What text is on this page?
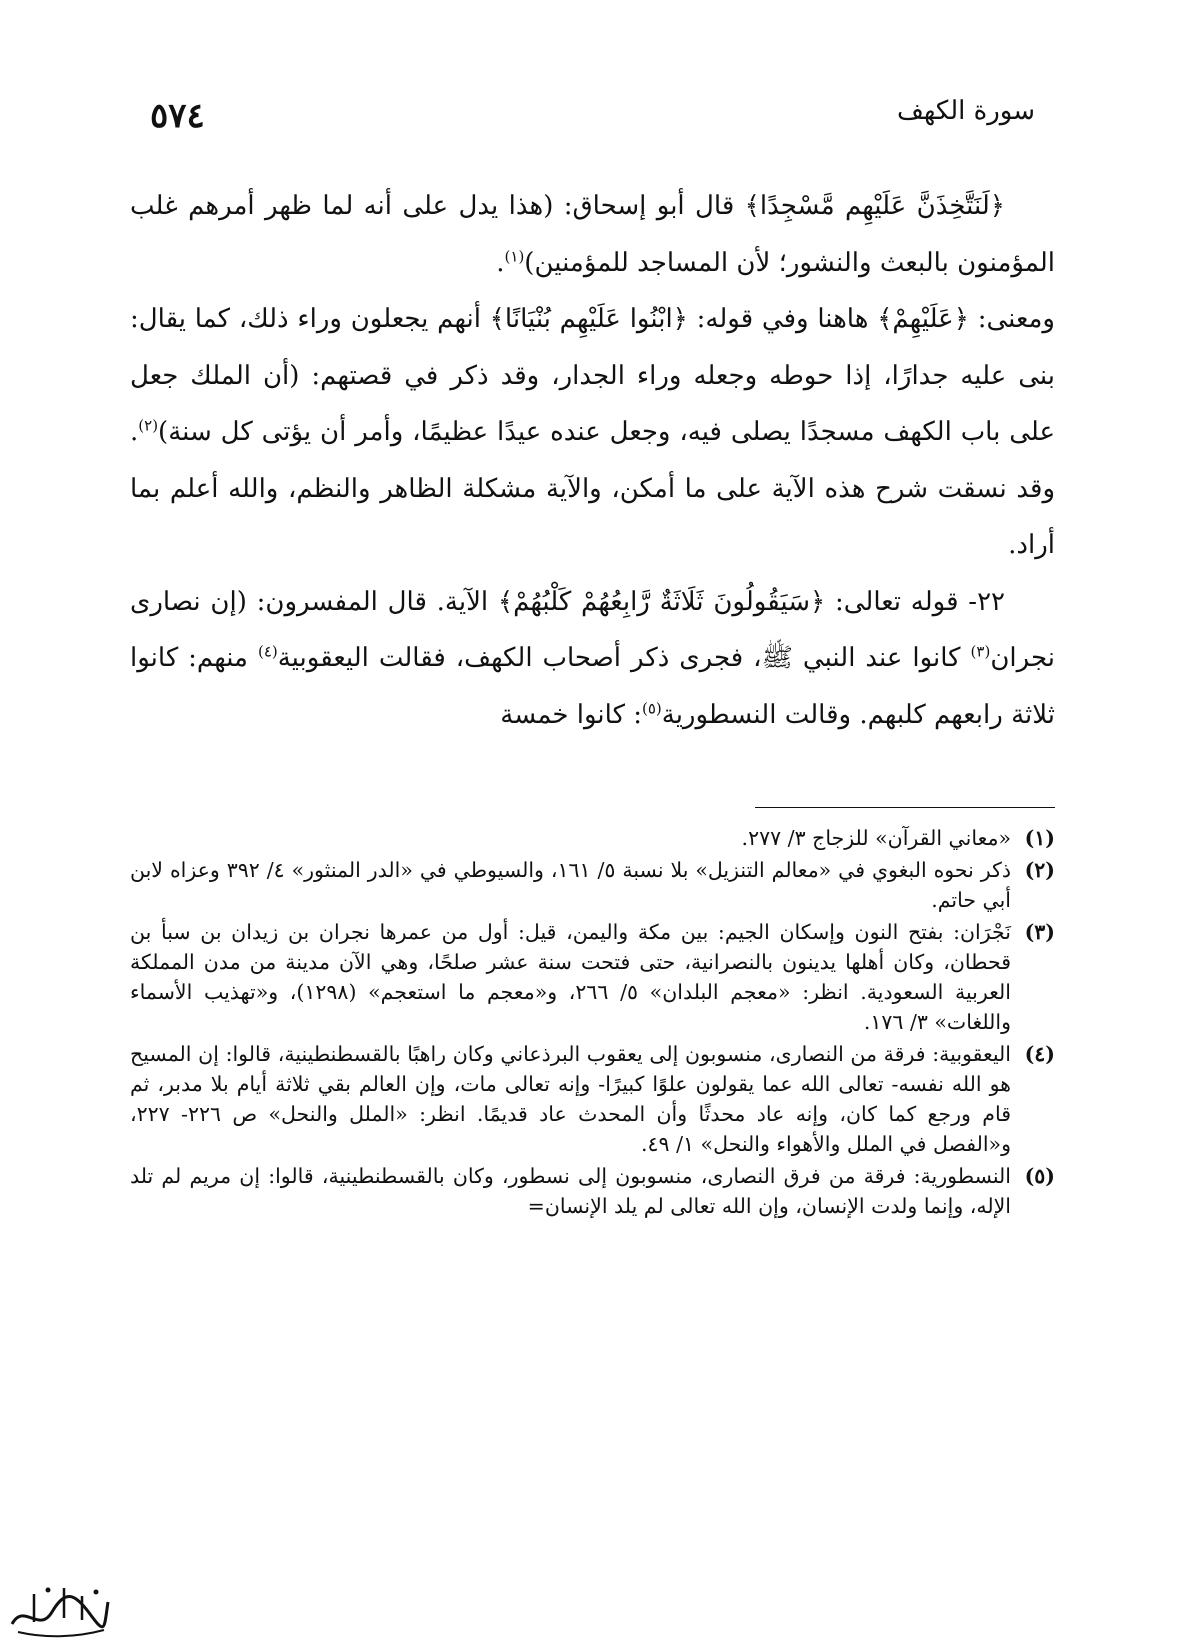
٥٧٤	سورة الكهف

﴿لَنَتَّخِذَنَّ عَلَيْهِم مَّسْجِدًا﴾ قال أبو إسحاق: (هذا يدل على أنه لما ظهر أمرهم غلب المؤمنون بالبعث والنشور؛ لأن المساجد للمؤمنين)$^{(١)}$.

ومعنى: ﴿عَلَيْهِمْ﴾ هاهنا وفي قوله: ﴿ابْنُوا عَلَيْهِم بُنْيَانًا﴾ أنهم يجعلون وراء ذلك، كما يقال: بنى عليه جدارًا، إذا حوطه وجعله وراء الجدار، وقد ذكر في قصتهم: (أن الملك جعل على باب الكهف مسجدًا يصلى فيه، وجعل عنده عيدًا عظيمًا، وأمر أن يؤتى كل سنة)$^{(٢)}$. وقد نسقت شرح هذه الآية على ما أمكن، والآية مشكلة الظاهر والنظم، والله أعلم بما أراد.

٢٢- قوله تعالى: ﴿سَيَقُولُونَ ثَلَاثَةٌ رَّابِعُهُمْ كَلْبُهُمْ﴾ الآية. قال المفسرون: (إن نصارى نجران$^{(٣)}$ كانوا عند النبي ﷺ، فجرى ذكر أصحاب الكهف، فقالت اليعقوبية$^{(٤)}$ منهم: كانوا ثلاثة رابعهم كلبهم. وقالت النسطورية$^{(٥)}$: كانوا خمسة

(١)
«معاني القرآن» للزجاج ٣/ ٢٧٧.
(٢)
ذكر نحوه البغوي في «معالم التنزيل» بلا نسبة ٥/ ١٦١، والسيوطي في «الدر المنثور» ٤/ ٣٩٢ وعزاه لابن أبي حاتم.
(٣)
نَجْرَان: بفتح النون وإسكان الجيم: بين مكة واليمن، قيل: أول من عمرها نجران بن زيدان بن سبأ بن قحطان، وكان أهلها يدينون بالنصرانية، حتى فتحت سنة عشر صلحًا، وهي الآن مدينة من مدن المملكة العربية السعودية. انظر: «معجم البلدان» ٥/ ٢٦٦، و«معجم ما استعجم» (١٢٩٨)، و«تهذيب الأسماء واللغات» ٣/ ١٧٦.
(٤)
اليعقوبية: فرقة من النصارى، منسوبون إلى يعقوب البرذعاني وكان راهبًا بالقسطنطينية، قالوا: إن المسيح هو الله نفسه- تعالى الله عما يقولون علوًا كبيرًا- وإنه تعالى مات، وإن العالم بقي ثلاثة أيام بلا مدبر، ثم قام ورجع كما كان، وإنه عاد محدثًا وأن المحدث عاد قديمًا. انظر: «الملل والنحل» ص ٢٢٦- ٢٢٧، و«الفصل في الملل والأهواء والنحل» ١/ ٤٩.
(٥)
النسطورية: فرقة من فرق النصارى، منسوبون إلى نسطور، وكان بالقسطنطينية، قالوا: إن مريم لم تلد الإله، وإنما ولدت الإنسان، وإن الله تعالى لم يلد الإنسان=
